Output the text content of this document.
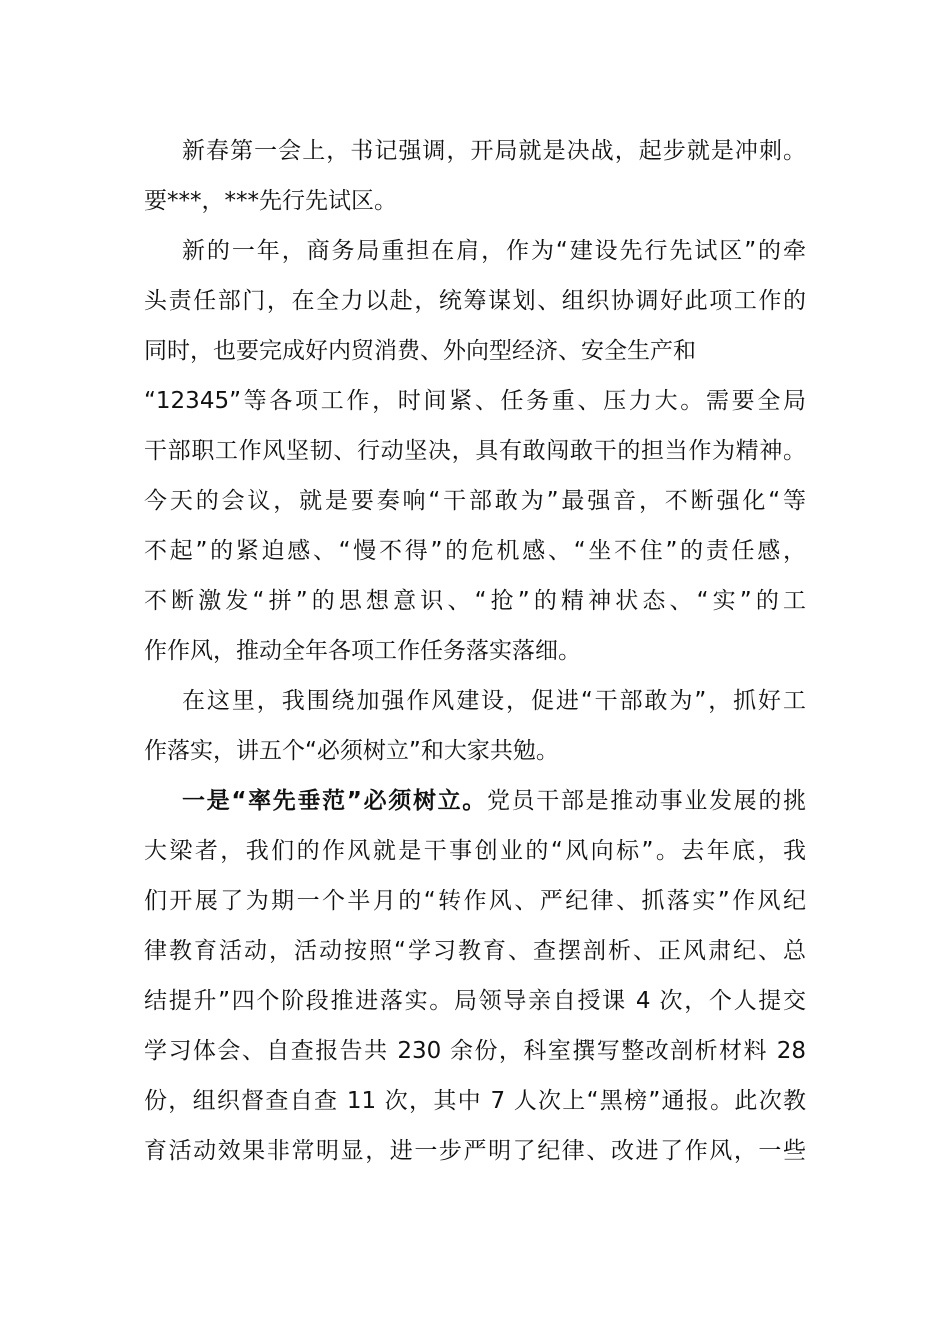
新春第一会上，书记强调，开局就是决战，起步就是冲刺。
要***，***先行先试区。
新的一年，商务局重担在肩，作为“建设先行先试区”的牵
头责任部门，在全力以赴，统筹谋划、组织协调好此项工作的
同时，也要完成好内贸消费、外向型经济、安全生产和
“12345”等各项工作，时间紧、任务重、压力大。需要全局
干部职工作风坚韧、行动坚决，具有敢闯敢干的担当作为精神。
今天的会议，就是要奏响“干部敢为”最强音，不断强化“等
不起”的紧迫感、“慢不得”的危机感、“坐不住”的责任感，
不断激发“拼”的思想意识、“抢”的精神状态、“实”的工
作作风，推动全年各项工作任务落实落细。
在这里，我围绕加强作风建设，促进“干部敢为”，抓好工
作落实，讲五个“必须树立”和大家共勉。
一是“率先垂范”必须树立。党员干部是推动事业发展的挑
大梁者，我们的作风就是干事创业的“风向标”。去年底，我
们开展了为期一个半月的“转作风、严纪律、抓落实”作风纪
律教育活动，活动按照“学习教育、查摆剖析、正风肃纪、总
结提升”四个阶段推进落实。局领导亲自授课 4 次，个人提交
学习体会、自查报告共 230 余份，科室撰写整改剖析材料 28
份，组织督查自查 11 次，其中 7 人次上“黑榜”通报。此次教
育活动效果非常明显，进一步严明了纪律、改进了作风，一些
